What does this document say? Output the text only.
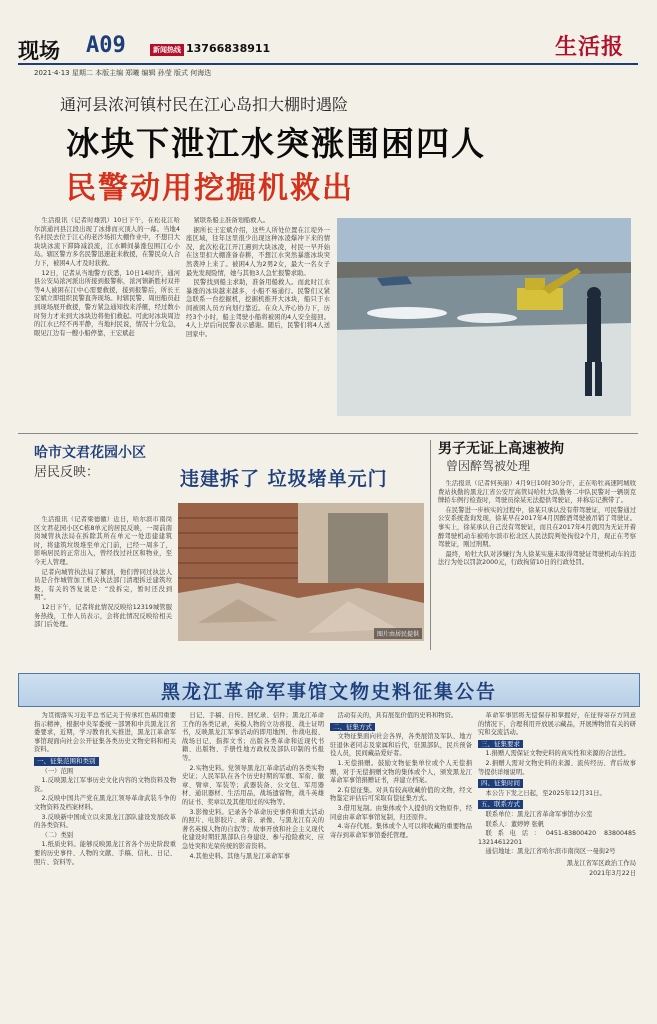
现场 A09	新闻热线 13766838911	生活报
2021·4·13 星期二 本版主编 郑曦 编辑 孙莹 版式 何海迭
通河县浓河镇村民在江心岛扣大棚时遇险
冰块下泄江水突涨围困四人
民警动用挖掘机救出

生活报讯（记者时雄凯）10日下午，在松花江哈尔滨通河县江段出现了冰排而灭顶人的一幕。当地4名村民去位于江心的老沙场扣大棚作业中，不想目大块块冰流下滞降减浪流，江水瞬间暴涨包围江心小岛。辖区警方多名民警迅速赶来救援，在警民众人合力下，被困4人才及时获救。

12日，记者从当地警方获悉，10日14时许，通河县公安局浓河派出所接到报警称，浓河镇新胜村双井等4人被困在江中心需要救援，接到报警后，所长王宏斌立即组织民警直奔现场。时辖民警、周田船员赶到现场展开救援，警方紧急通知找来浮艇，经过数小时努力才来到大冰块边将他们救起。可此时冰块周边的江水已经不再平静，当地村民说，情况十分危急，眼见江边有一艘小船停靠，王宏斌赶

紧联系船主准备划船救人。

据所长王宏斌介绍，这些人所处位置在江堤外一座区域，往年这里很少出现这种冰凌爆冲下来的情况，此次松花江开江遇到大块冰凌，村民一早开始在这里扣大棚准备春耕，不想江水突然暴涨冰块突然袭冲上来了。被困4人为2男2女，最大一名女子最先发现险情，她与其他3人急忙报警求助。

民警找到船主求助，准备用船救人。而此时江水暴涨的冰块越来越多，小船不易通行。民警们又紧急联系一台挖掘机，挖掘机推开大冰块，船只于水间被困人员方向划行靠近。在众人齐心协力下，历经3个小时，船主驾驶小船将被困的4人安全接回。4人上岸后向民警表示感谢。随后，民警们将4人送回家中。

哈市文君花园小区
居民反映：	违建拆了 垃圾堵单元门

生活报讯（记者梁德徽）近日，哈尔滨市南岗区文君花园小区C栋8单元的居民反映，一周前南岗城管执法局在拆除其所在单元一处违建建筑时，将建筑垃圾堆至单元门前，已经一周多了，影响居民的正常出入，曾经找过社区和物业，至今无人管理。

记者向城管执法局了解到，他们曾同过执法人员是合作城管加工机关执法部门清理拆迁建筑垃圾，有关的答复说是：“没拆完，暂时还没到期”。

12日下午，记者将此情况反映给12319城管服务热线，工作人员表示，会将此情况反映给相关部门后处理。

图片由居民提供
男子无证上高速被拘
曾因醉驾被处理

生活报讯（记者何英丽）4月9日10时30分许，正在哈牡高速阿城收费站执勤的黑龙江省公安厅高管局哈牡大队勤务二中队民警对一辆别克牌轿车例行检查时，驾驶员徐某无法提供驾驶证，并称忘记携带了。

在民警进一步核实的过程中，徐某只承认没有带驾驶证，可民警通过公安系统查询发现，徐某早在2017年4月因醉酒驾驶被吊销了驾驶证。事实上，徐某承认自己没有驾驶证，而且在2017年4月就因为无证开着醉驾驶机动车被哈尔滨市松北区人民法院判处拘役2个月，现正在考察驾驶证，刚过刑期。

最终，哈牡大队对涉嫌行为人徐某实施未取得驾驶证驾驶机动车的违法行为处以罚款2000元，行政拘留10日的行政处罚。

黑龙江革命军事馆文物史料征集公告

为贯彻落实习近平总书记关于传承红色基因重要指示精神，根据中央军委统一部署和中共黑龙江省委要求，近期，学习教育扎实推进，黑龙江革命军事馆现面向社会公开征集各类历史文物史料和相关资料。

一、征集范围和类别

（一）范围

1.反映黑龙江军事历史文化内容的文物资料及物资。

2.反映中国共产党在黑龙江领导革命武装斗争的文物资料及档案材料。

3.反映新中国成立以来黑龙江部队建设发展改革的各类资料。

（二）类别

1.纸质史料。能够反映黑龙江省各个历史阶段重要的历史事件、人物的文献、手稿、信札、日记、照片、资料等。

日记、手稿、自传、回忆录、信件；黑龙江革命工作的各类记录，英模人物的立功喜报、战士证明书，反映黑龙江军事活动的即用地图、作战电报、战场日记、指挥文书；出版各类革命和近现代书籍、出版物、手册性地方政权及部队印制的书报等。

2.实物史料。党领导黑龙江革命活动的各类实物史证；人民军队在各个历史时期的军旗、军衔、徽章、臂章、军装等；武器装备、公文包、军用器材、通讯器材、生活用品，战场遗留物，战斗英雄的证书、奖章以及其使用过的实物等。

3.影像史料。记录各个革命历史事件和重大活动的照片、电影胶片、录音、录像、与黑龙江有关的著名英模人物的自叙等；故事开放和社会主义现代化建设时期驻黑部队自身建设、参与抢险救灾、应急处突和光荣传统的影音资料。

4.其他史料。其他与黑龙江革命军事

活动有关的，具有展览价值的史料和物资。

二、征集方式

文物征集面向社会各界，各类展馆及军队、地方驻退休老同志及家属和后代，驻黑部队，民兵预备役人员，民间藏品爱好者。

1.无偿捐赠。鼓励文物征集单位或个人无偿捐赠，对于无偿捐赠文物的集体或个人，颁发黑龙江革命军事馆捐赠证书，并建立档案。

2.有偿征集。对具有较高收藏价值的文物，经文物鉴定评估后可采取有偿征集方式。

3.借用复制。由集体或个人提供的文物原件，经同意由革命军事馆复制，归还原件。

4.寄存代展。集体或个人可以将收藏的重要物品寄存到革命军事馆委托管理。

革命军事馆将无偿保存和掌握好，在征得寄存方同意的情况下，合理利用开放展示藏品，开展博物馆有关的研究和交流活动。

三、征集要求

1.捐赠人需保证文物史料的真实性和来源的合法性。

2.捐赠人需对文物史料的来源、流传经历、背后故事等提供详细说明。

四、征集时间

本公告下发之日起，至2025年12月31日。

五、联系方式

联系单位：黑龙江省革命军事馆办公室

联系人：董婷婷 张帆

联系电话：0451-83800420 83800485 13214612201

通信地址：黑龙江省哈尔滨市南岗区一曼街2号

黑龙江省军区政治工作局

2021年3月22日
